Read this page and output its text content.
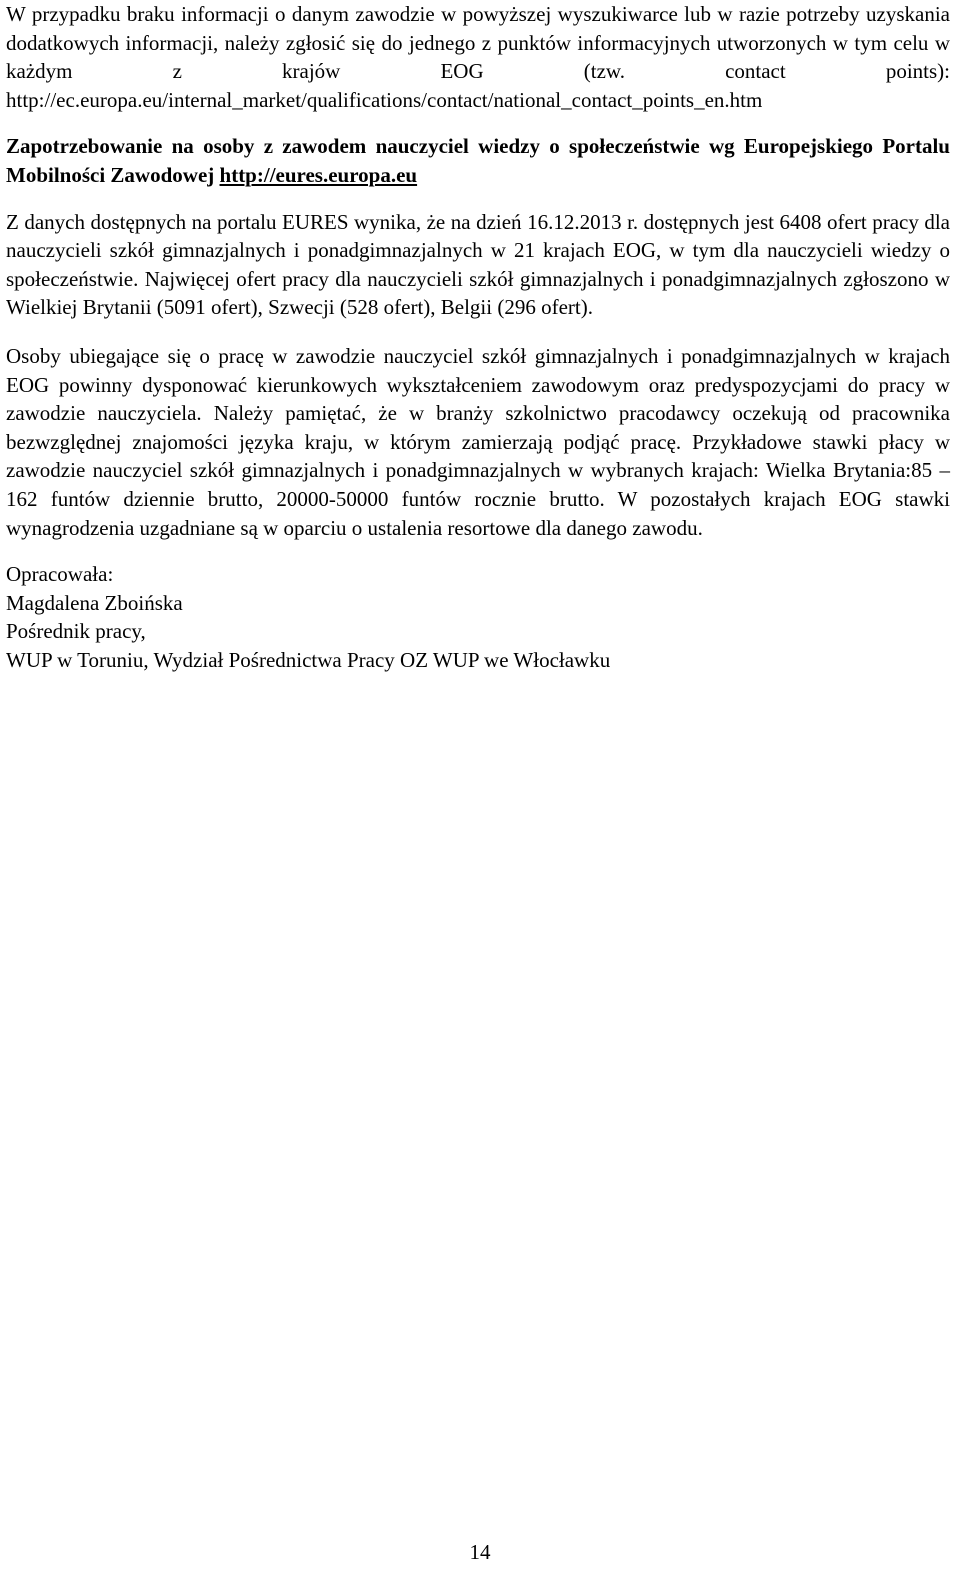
W przypadku braku informacji o danym zawodzie w powyższej wyszukiwarce lub w razie potrzeby uzyskania dodatkowych informacji, należy zgłosić się do jednego z punktów informacyjnych utworzonych w tym celu w każdym z krajów EOG (tzw. contact points): http://ec.europa.eu/internal_market/qualifications/contact/national_contact_points_en.htm

Zapotrzebowanie na osoby z zawodem nauczyciel wiedzy o społeczeństwie wg Europejskiego Portalu Mobilności Zawodowej http://eures.europa.eu

Z danych dostępnych na portalu EURES wynika, że na dzień 16.12.2013 r. dostępnych jest 6408 ofert pracy dla nauczycieli szkół gimnazjalnych i ponadgimnazjalnych w 21 krajach EOG, w tym dla nauczycieli wiedzy o społeczeństwie. Najwięcej ofert pracy dla nauczycieli szkół gimnazjalnych i ponadgimnazjalnych zgłoszono w Wielkiej Brytanii (5091 ofert), Szwecji (528 ofert), Belgii (296 ofert).

Osoby ubiegające się o pracę w zawodzie nauczyciel szkół gimnazjalnych i ponadgimnazjalnych w krajach EOG powinny dysponować kierunkowych wykształceniem zawodowym oraz predyspozycjami do pracy w zawodzie nauczyciela. Należy pamiętać, że w branży szkolnictwo pracodawcy oczekują od pracownika bezwzględnej znajomości języka kraju, w którym zamierzają podjąć pracę. Przykładowe stawki płacy w zawodzie nauczyciel szkół gimnazjalnych i ponadgimnazjalnych w wybranych krajach: Wielka Brytania:85 – 162 funtów dziennie brutto, 20000-50000 funtów rocznie brutto. W pozostałych krajach EOG stawki wynagrodzenia uzgadniane są w oparciu o ustalenia resortowe dla danego zawodu.

Opracowała:
Magdalena Zboińska
Pośrednik pracy,
WUP w Toruniu, Wydział Pośrednictwa Pracy OZ WUP we Włocławku

14
